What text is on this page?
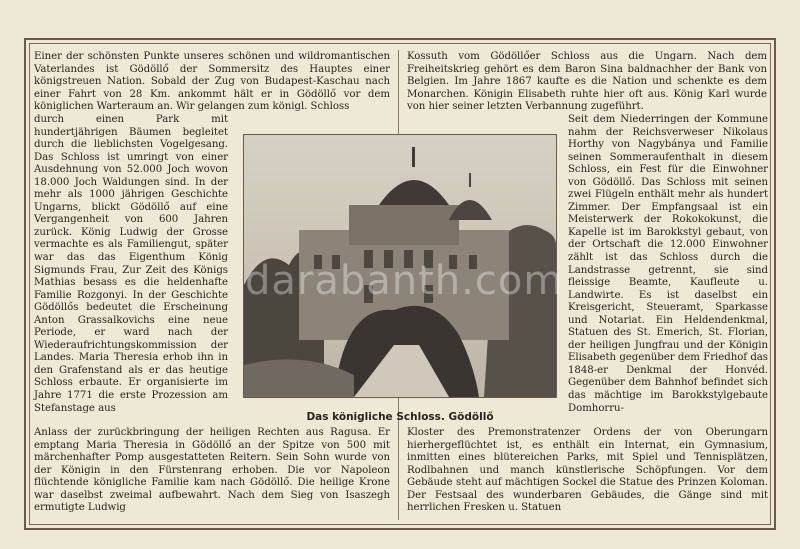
Einer der schönsten Punkte unseres schönen und wildromantischen Vaterlandes ist Gödöllő der Sommersitz des Hauptes einer königstreuen Nation. Sobald der Zug von Budapest-Kaschau nach einer Fahrt von 28 Km. ankommt hält er in Gödöllő vor dem königlichen Warteraum an. Wir gelangen zum königl. Schloss

durch einen Park mit hundertjährigen Bäumen begleitet durch die lieblichsten Vogelgesang. Das Schloss ist umringt von einer Ausdehnung von 52.000 Joch wovon 18.000 Joch Waldungen sind. In der mehr als 1000 jährigen Geschichte Ungarns, blickt Gödöllő auf eine Vergangenheit von 600 Jahren zurück. König Ludwig der Grosse vermachte es als Familiengut, später war das das Eigenthum König Sigmunds Frau, Zur Zeit des Königs Mathias besass es die heldenhafte Familie Rozgonyi. In der Geschichte Gödöllős bedeutet die Erscheinung Anton Grassalkovichs eine neue Periode, er ward nach der Wiederaufrichtungskommission der Landes. Maria Theresia erhob ihn in den Grafenstand als er das heutige Schloss erbaute. Er organisierte im Jahre 1771 die erste Prozession am Stefanstage aus

Kossuth vom Gödöllőer Schloss aus die Ungarn. Nach dem Freiheitskrieg gehört es dem Baron Sina baldnachher der Bank von Belgien. Im Jahre 1867 kaufte es die Nation und schenkte es dem Monarchen. Königin Elisabeth ruhte hier oft aus. König Karl wurde von hier seiner letzten Verbannung zugeführt.

Seit dem Niederringen der Kommune nahm der Reichsverweser Nikolaus Horthy von Nagybánya und Familie seinen Sommeraufenthalt in diesem Schloss, ein Fest für die Einwohner von Gödöllő. Das Schloss mit seinen zwei Flügeln enthält mehr als hundert Zimmer. Der Empfangsaal ist ein Meisterwerk der Rokokokunst, die Kapelle ist im Barokkstyl gebaut, von der Ortschaft die 12.000 Einwohner zählt ist das Schloss durch die Landstrasse getrennt, sie sind fleissige Beamte, Kaufleute u. Landwirte. Es ist daselbst ein Kreisgericht, Steueramt, Sparkasse und Notariat. Ein Heldendenkmal, Statuen des St. Emerich, St. Florian, der heiligen Jungfrau und der Königin Elisabeth gegenüber dem Friedhof das 1848-er Denkmal der Honvéd. Gegenüber dem Bahnhof befindet sich das mächtige im Barokkstylgebaute Domhorru-

Anlass der zurückbringung der heiligen Rechten aus Ragusa. Er emptang Maria Theresia in Gödöllő an der Spitze von 500 mit märchenhafter Pomp ausgestatteten Reitern. Sein Sohn wurde von der Königin in den Fürstenrang erhoben. Die vor Napoleon flüchtende königliche Familie kam nach Gödöllő. Die heilige Krone war daselbst zweimal aufbewahrt. Nach dem Sieg von Isaszegh ermutigte Ludwig

Kloster des Premonstratenzer Ordens der von Oberungarn hierhergeflüchtet ist, es enthält ein Internat, ein Gymnasium, inmitten eines blütereichen Parks, mit Spiel und Tennisplätzen, Rodlbahnen und manch künstlerische Schöpfungen. Vor dem Gebäude steht auf mächtigen Sockel die Statue des Prinzen Koloman. Der Festsaal des wunderbaren Gebäudes, die Gänge sind mit herrlichen Fresken u. Statuen

Das königliche Schloss. Gödöllő
darabanth.com
